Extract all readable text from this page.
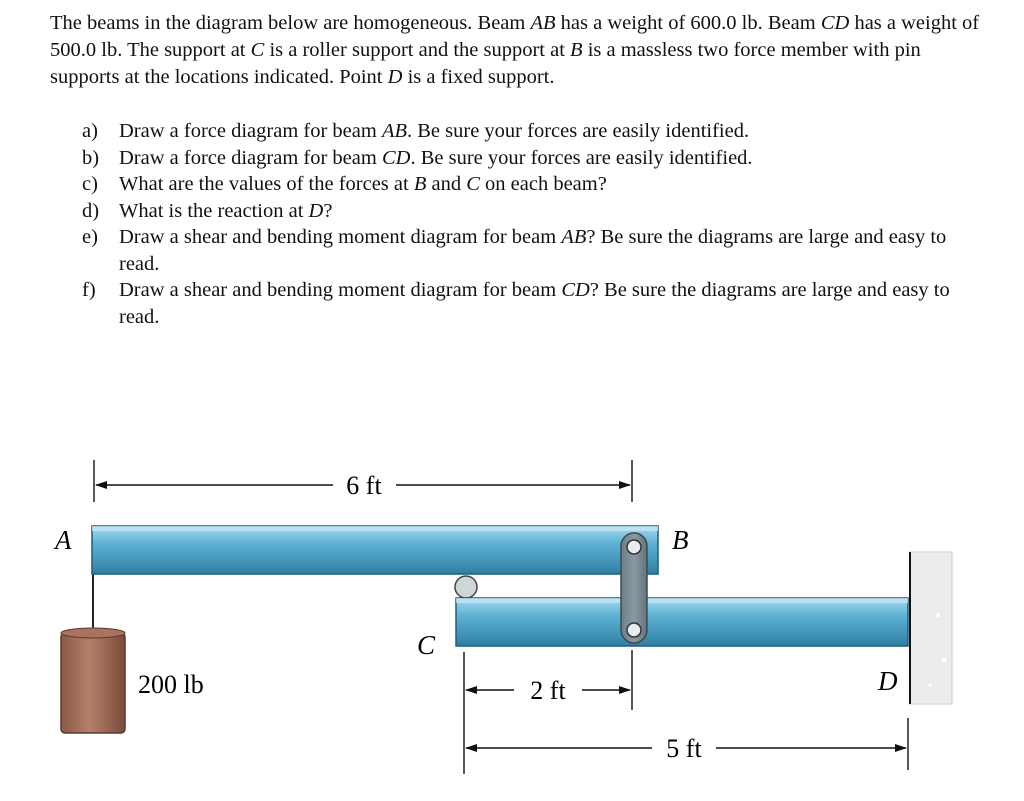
The beams in the diagram below are homogeneous. Beam AB has a weight of 600.0 lb. Beam CD has a weight of 500.0 lb. The support at C is a roller support and the support at B is a massless two force member with pin supports at the locations indicated. Point D is a fixed support.

a) Draw a force diagram for beam AB. Be sure your forces are easily identified.
b) Draw a force diagram for beam CD. Be sure your forces are easily identified.
c) What are the values of the forces at B and C on each beam?
d) What is the reaction at D?
e) Draw a shear and bending moment diagram for beam AB? Be sure the diagrams are large and easy to read.
f) Draw a shear and bending moment diagram for beam CD? Be sure the diagrams are large and easy to read.
6 ft
A
200 lb
B
C
D
2 ft
5 ft
